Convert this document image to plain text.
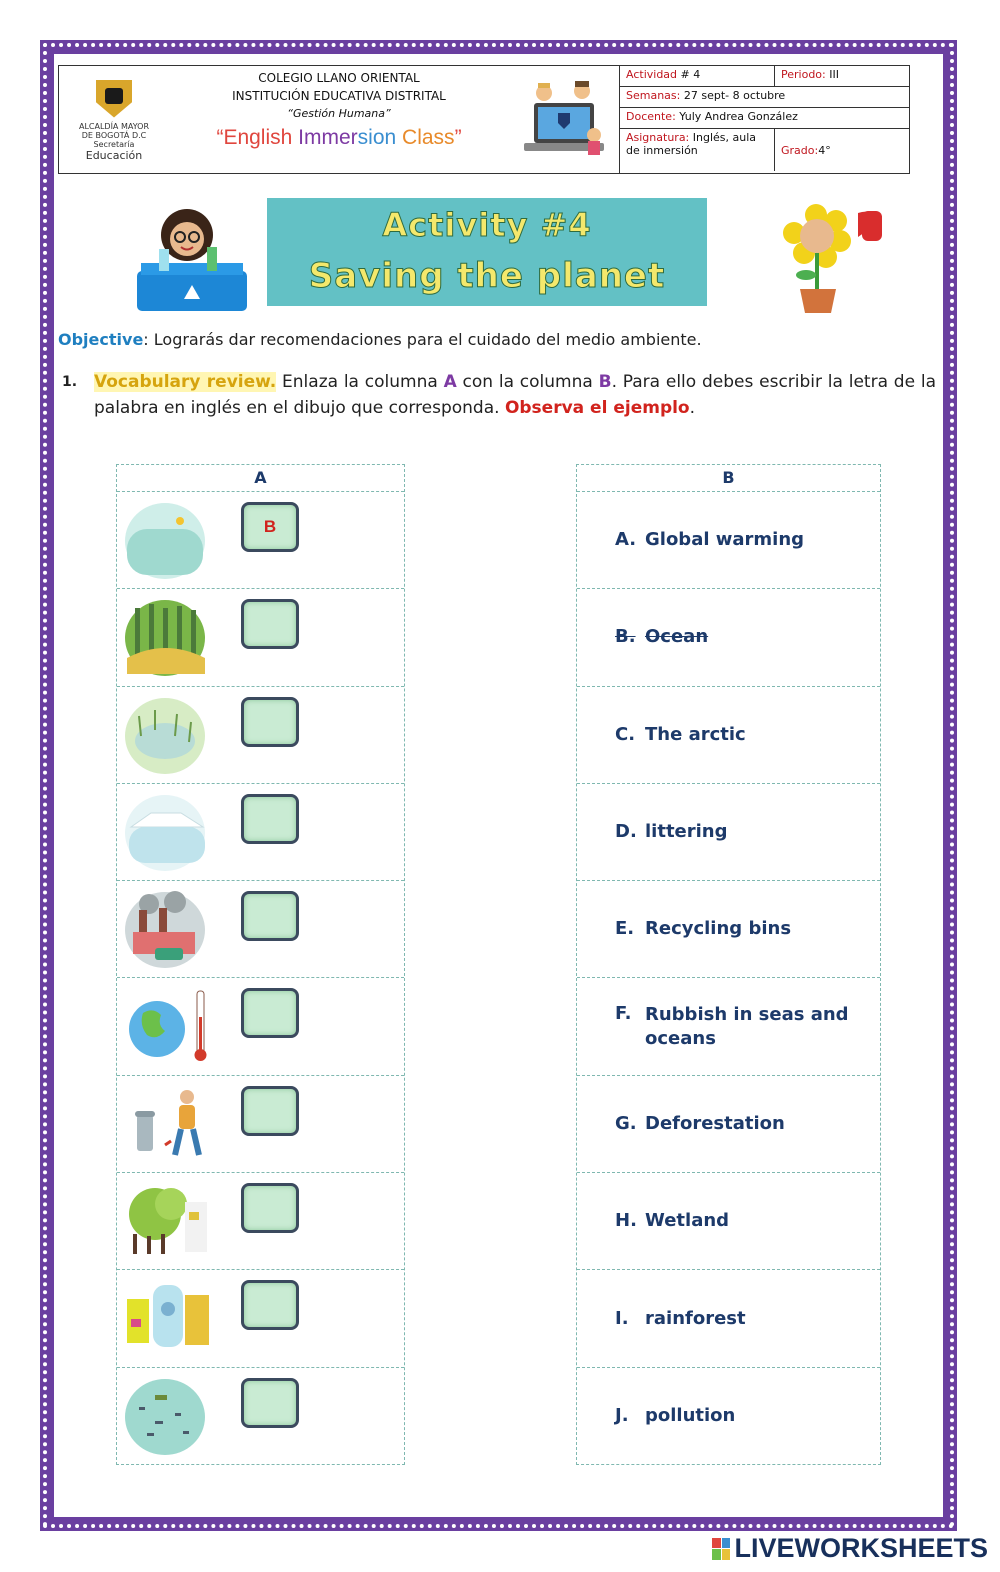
ALCALDÍA MAYOR
DE BOGOTÁ D.C
Secretaría
Educación
COLEGIO LLANO ORIENTAL
INSTITUCIÓN EDUCATIVA DISTRITAL
“Gestión Humana”
“English Immersion Class”
Actividad # 4	Periodo: III
Semanas: 27 sept- 8 octubre
Docente: Yuly Andrea González
Asignatura: Inglés, aula de inmersión	Grado: 4°
Activity #4
Saving the planet
Objective: Lograrás dar recomendaciones para el cuidado del medio ambiente.
1. Vocabulary review. Enlaza la columna A con la columna B. Para ello debes escribir la letra de la palabra en inglés en el dibujo que corresponda. Observa el ejemplo.
A
B
B
A. Global warming
B. Ocean
C. The arctic
D. littering
E. Recycling bins
F. Rubbish in seas and oceans
G. Deforestation
H. Wetland
I. rainforest
J. pollution
LIVEWORKSHEETS
